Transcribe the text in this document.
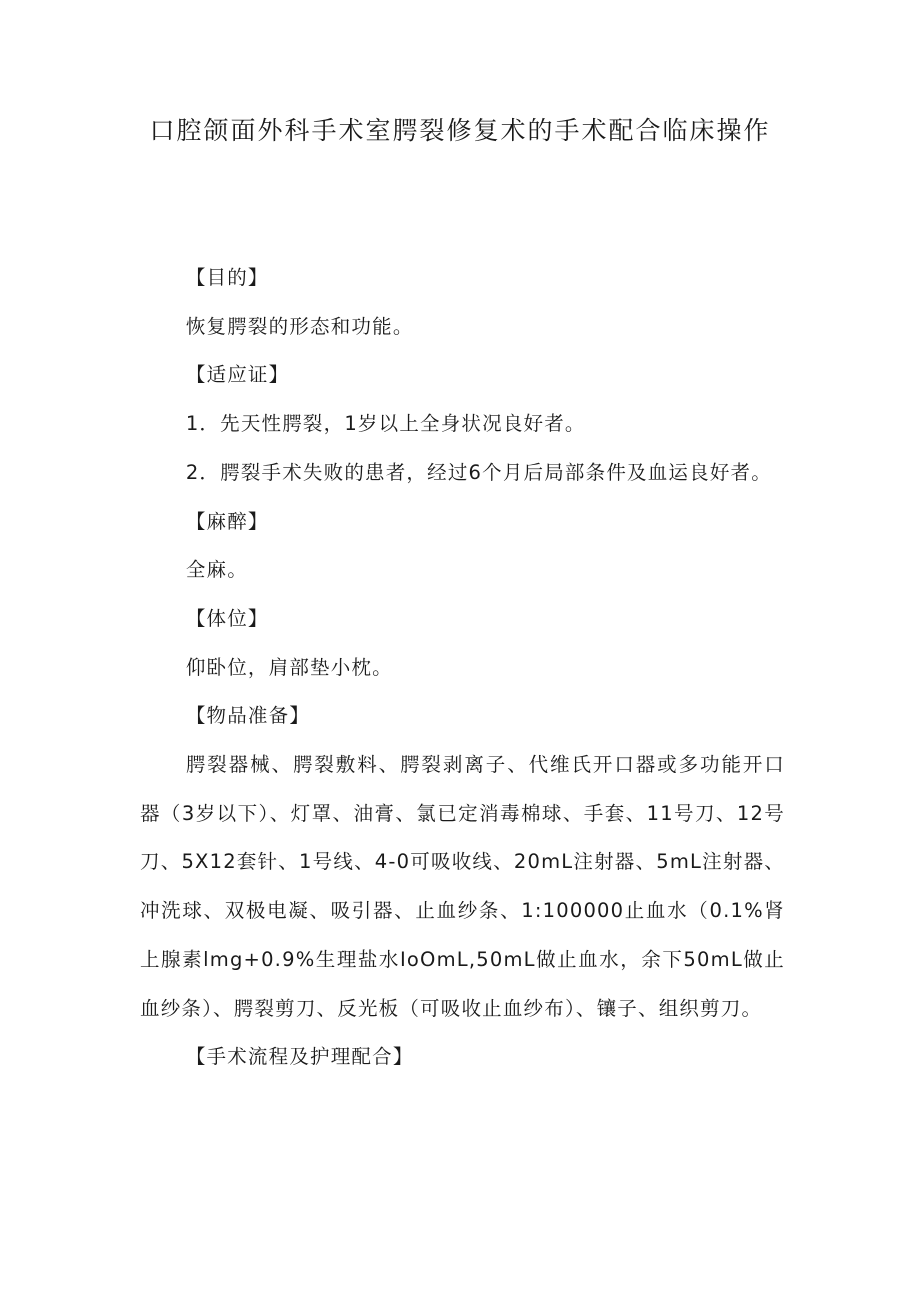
口腔颌面外科手术室腭裂修复术的手术配合临床操作

【目的】

恢复腭裂的形态和功能。

【适应证】

1．先天性腭裂，1岁以上全身状况良好者。

2．腭裂手术失败的患者，经过6个月后局部条件及血运良好者。

【麻醉】

全麻。

【体位】

仰卧位，肩部垫小枕。

【物品准备】

腭裂器械、腭裂敷料、腭裂剥离子、代维氏开口器或多功能开口器（3岁以下）、灯罩、油膏、氯已定消毒棉球、手套、11号刀、12号刀、5X12套针、1号线、4-0可吸收线、20mL注射器、5mL注射器、冲洗球、双极电凝、吸引器、止血纱条、1:100000止血水（0.1%肾上腺素lmg+0.9%生理盐水IoOmL,50mL做止血水，余下50mL做止血纱条）、腭裂剪刀、反光板（可吸收止血纱布）、镶子、组织剪刀。

【手术流程及护理配合】
